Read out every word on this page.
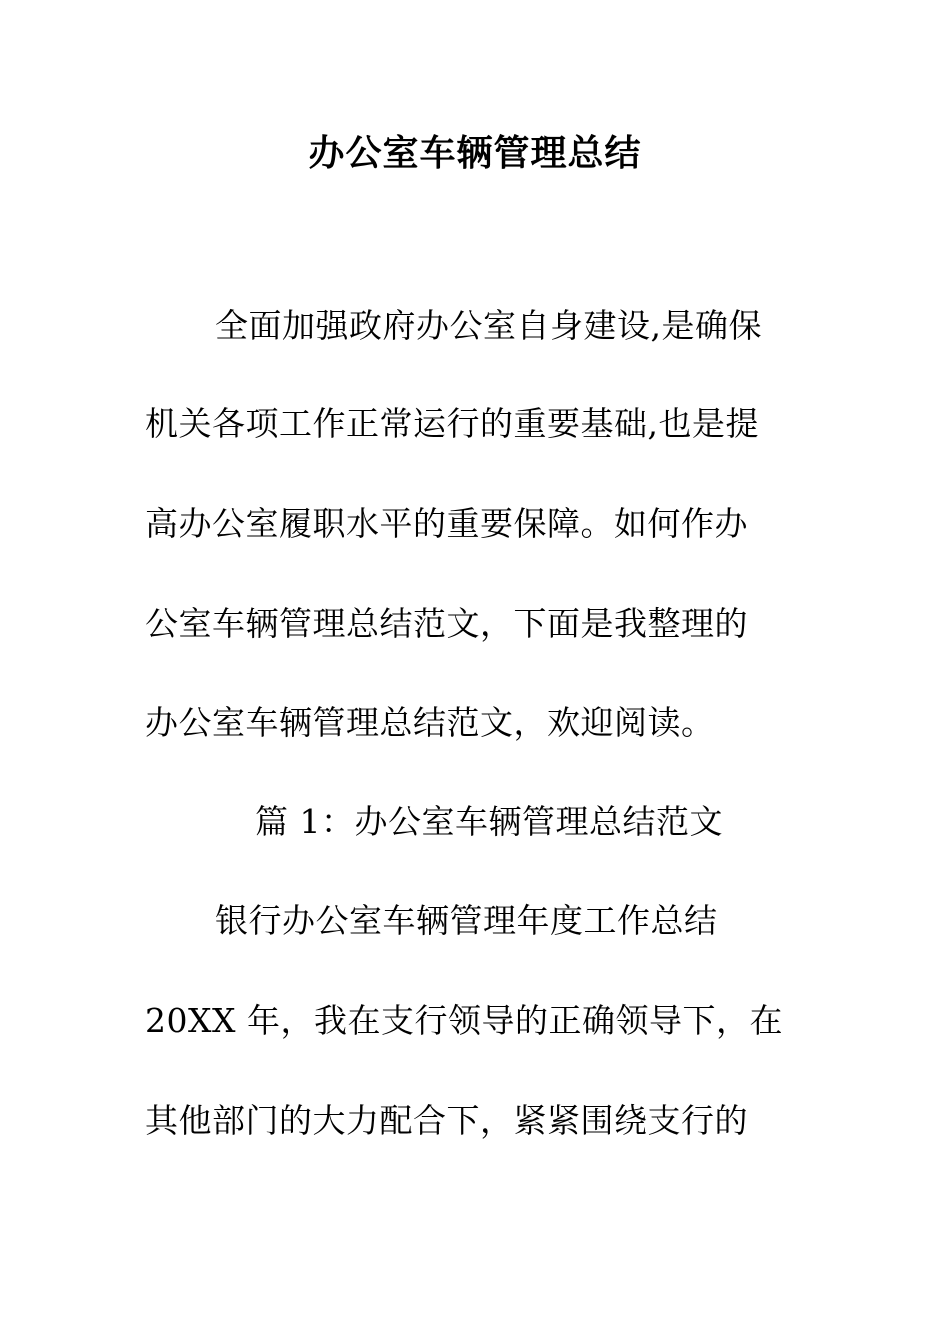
办公室车辆管理总结
全面加强政府办公室自身建设,是确保
机关各项工作正常运行的重要基础,也是提
高办公室履职水平的重要保障。如何作办
公室车辆管理总结范文，下面是我整理的
办公室车辆管理总结范文，欢迎阅读。
篇 1：办公室车辆管理总结范文
银行办公室车辆管理年度工作总结
20XX 年，我在支行领导的正确领导下，在
其他部门的大力配合下，紧紧围绕支行的
